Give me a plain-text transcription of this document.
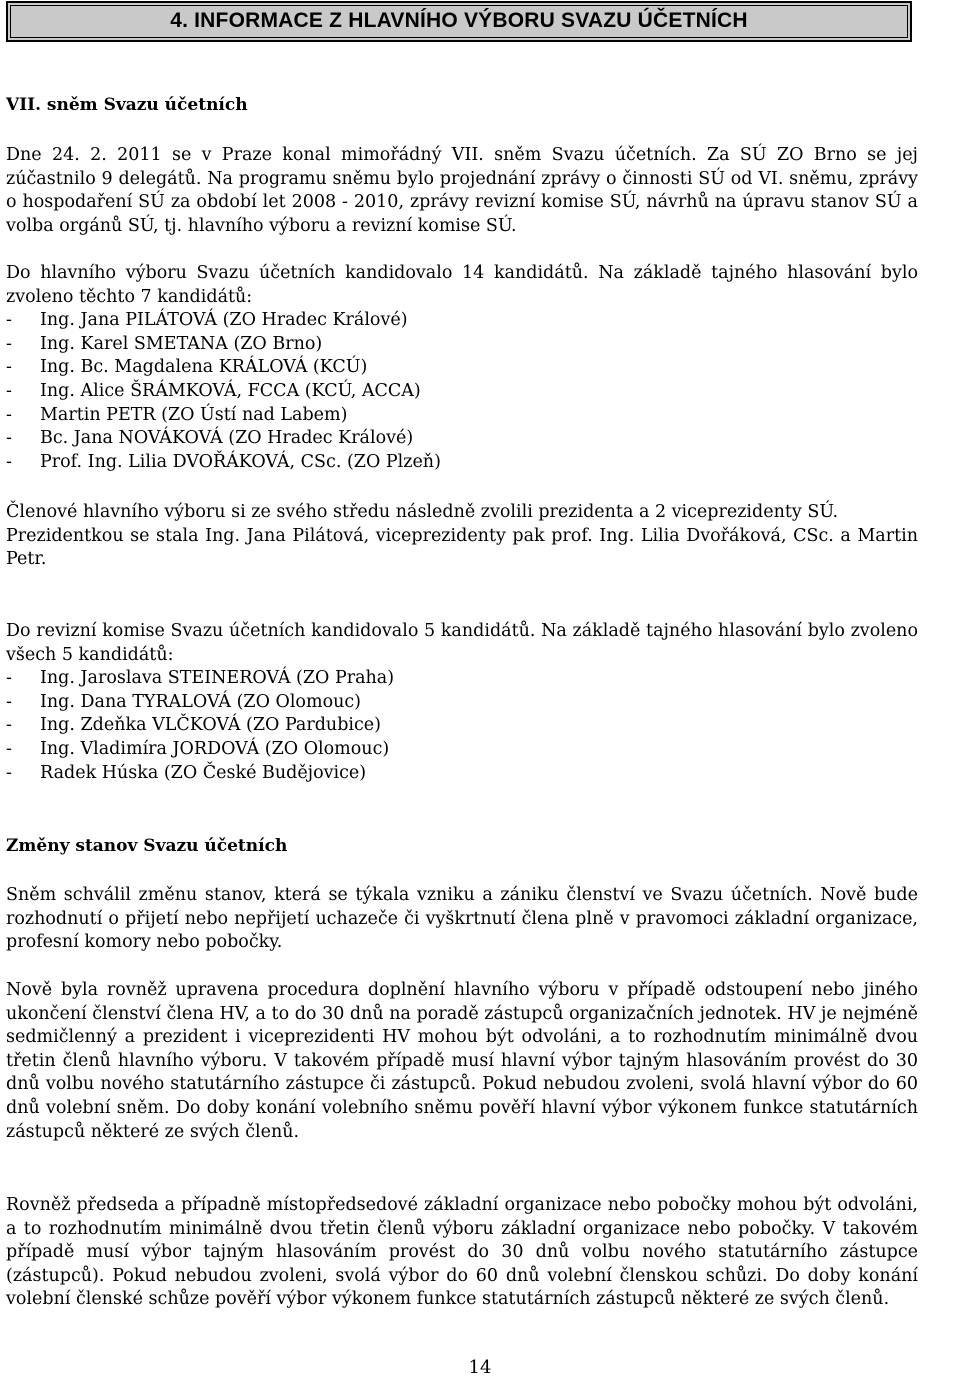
4. INFORMACE Z HLAVNÍHO VÝBORU SVAZU ÚČETNÍCH
VII. sněm Svazu účetních

Dne 24. 2. 2011 se v Praze konal mimořádný VII. sněm Svazu účetních. Za SÚ ZO Brno se jej zúčastnilo 9 delegátů. Na programu sněmu bylo projednání zprávy o činnosti SÚ od VI. sněmu, zprávy o hospodaření SÚ za období let 2008 - 2010, zprávy revizní komise SÚ, návrhů na úpravu stanov SÚ a volba orgánů SÚ, tj. hlavního výboru a revizní komise SÚ.

Do hlavního výboru Svazu účetních kandidovalo 14 kandidátů. Na základě tajného hlasování bylo zvoleno těchto 7 kandidátů:

- Ing. Jana PILÁTOVÁ (ZO Hradec Králové)
- Ing. Karel SMETANA (ZO Brno)
- Ing. Bc. Magdalena KRÁLOVÁ (KCÚ)
- Ing. Alice ŠRÁMKOVÁ, FCCA (KCÚ, ACCA)
- Martin PETR (ZO Ústí nad Labem)
- Bc. Jana NOVÁKOVÁ (ZO Hradec Králové)
- Prof. Ing. Lilia DVOŘÁKOVÁ, CSc. (ZO Plzeň)

Členové hlavního výboru si ze svého středu následně zvolili prezidenta a 2 viceprezidenty SÚ.

Prezidentkou se stala Ing. Jana Pilátová, viceprezidenty pak prof. Ing. Lilia Dvořáková, CSc. a Martin Petr.

Do revizní komise Svazu účetních kandidovalo 5 kandidátů. Na základě tajného hlasování bylo zvoleno všech 5 kandidátů:

- Ing. Jaroslava STEINEROVÁ (ZO Praha)
- Ing. Dana TYRALOVÁ (ZO Olomouc)
- Ing. Zdeňka VLČKOVÁ (ZO Pardubice)
- Ing. Vladimíra JORDOVÁ (ZO Olomouc)
- Radek Húska (ZO České Budějovice)
Změny stanov Svazu účetních

Sněm schválil změnu stanov, která se týkala vzniku a zániku členství ve Svazu účetních. Nově bude rozhodnutí o přijetí nebo nepřijetí uchazeče či vyškrtnutí člena plně v pravomoci základní organizace, profesní komory nebo pobočky.

Nově byla rovněž upravena procedura doplnění hlavního výboru v případě odstoupení nebo jiného ukončení členství člena HV, a to do 30 dnů na poradě zástupců organizačních jednotek. HV je nejméně sedmičlenný a prezident i viceprezidenti HV mohou být odvoláni, a to rozhodnutím minimálně dvou třetin členů hlavního výboru. V takovém případě musí hlavní výbor tajným hlasováním provést do 30 dnů volbu nového statutárního zástupce či zástupců. Pokud nebudou zvoleni, svolá hlavní výbor do 60 dnů volební sněm. Do doby konání volebního sněmu pověří hlavní výbor výkonem funkce statutárních zástupců některé ze svých členů.

Rovněž předseda a případně místopředsedové základní organizace nebo pobočky mohou být odvoláni, a to rozhodnutím minimálně dvou třetin členů výboru základní organizace nebo pobočky. V takovém případě musí výbor tajným hlasováním provést do 30 dnů volbu nového statutárního zástupce (zástupců). Pokud nebudou zvoleni, svolá výbor do 60 dnů volební členskou schůzi. Do doby konání volební členské schůze pověří výbor výkonem funkce statutárních zástupců některé ze svých členů.

14
